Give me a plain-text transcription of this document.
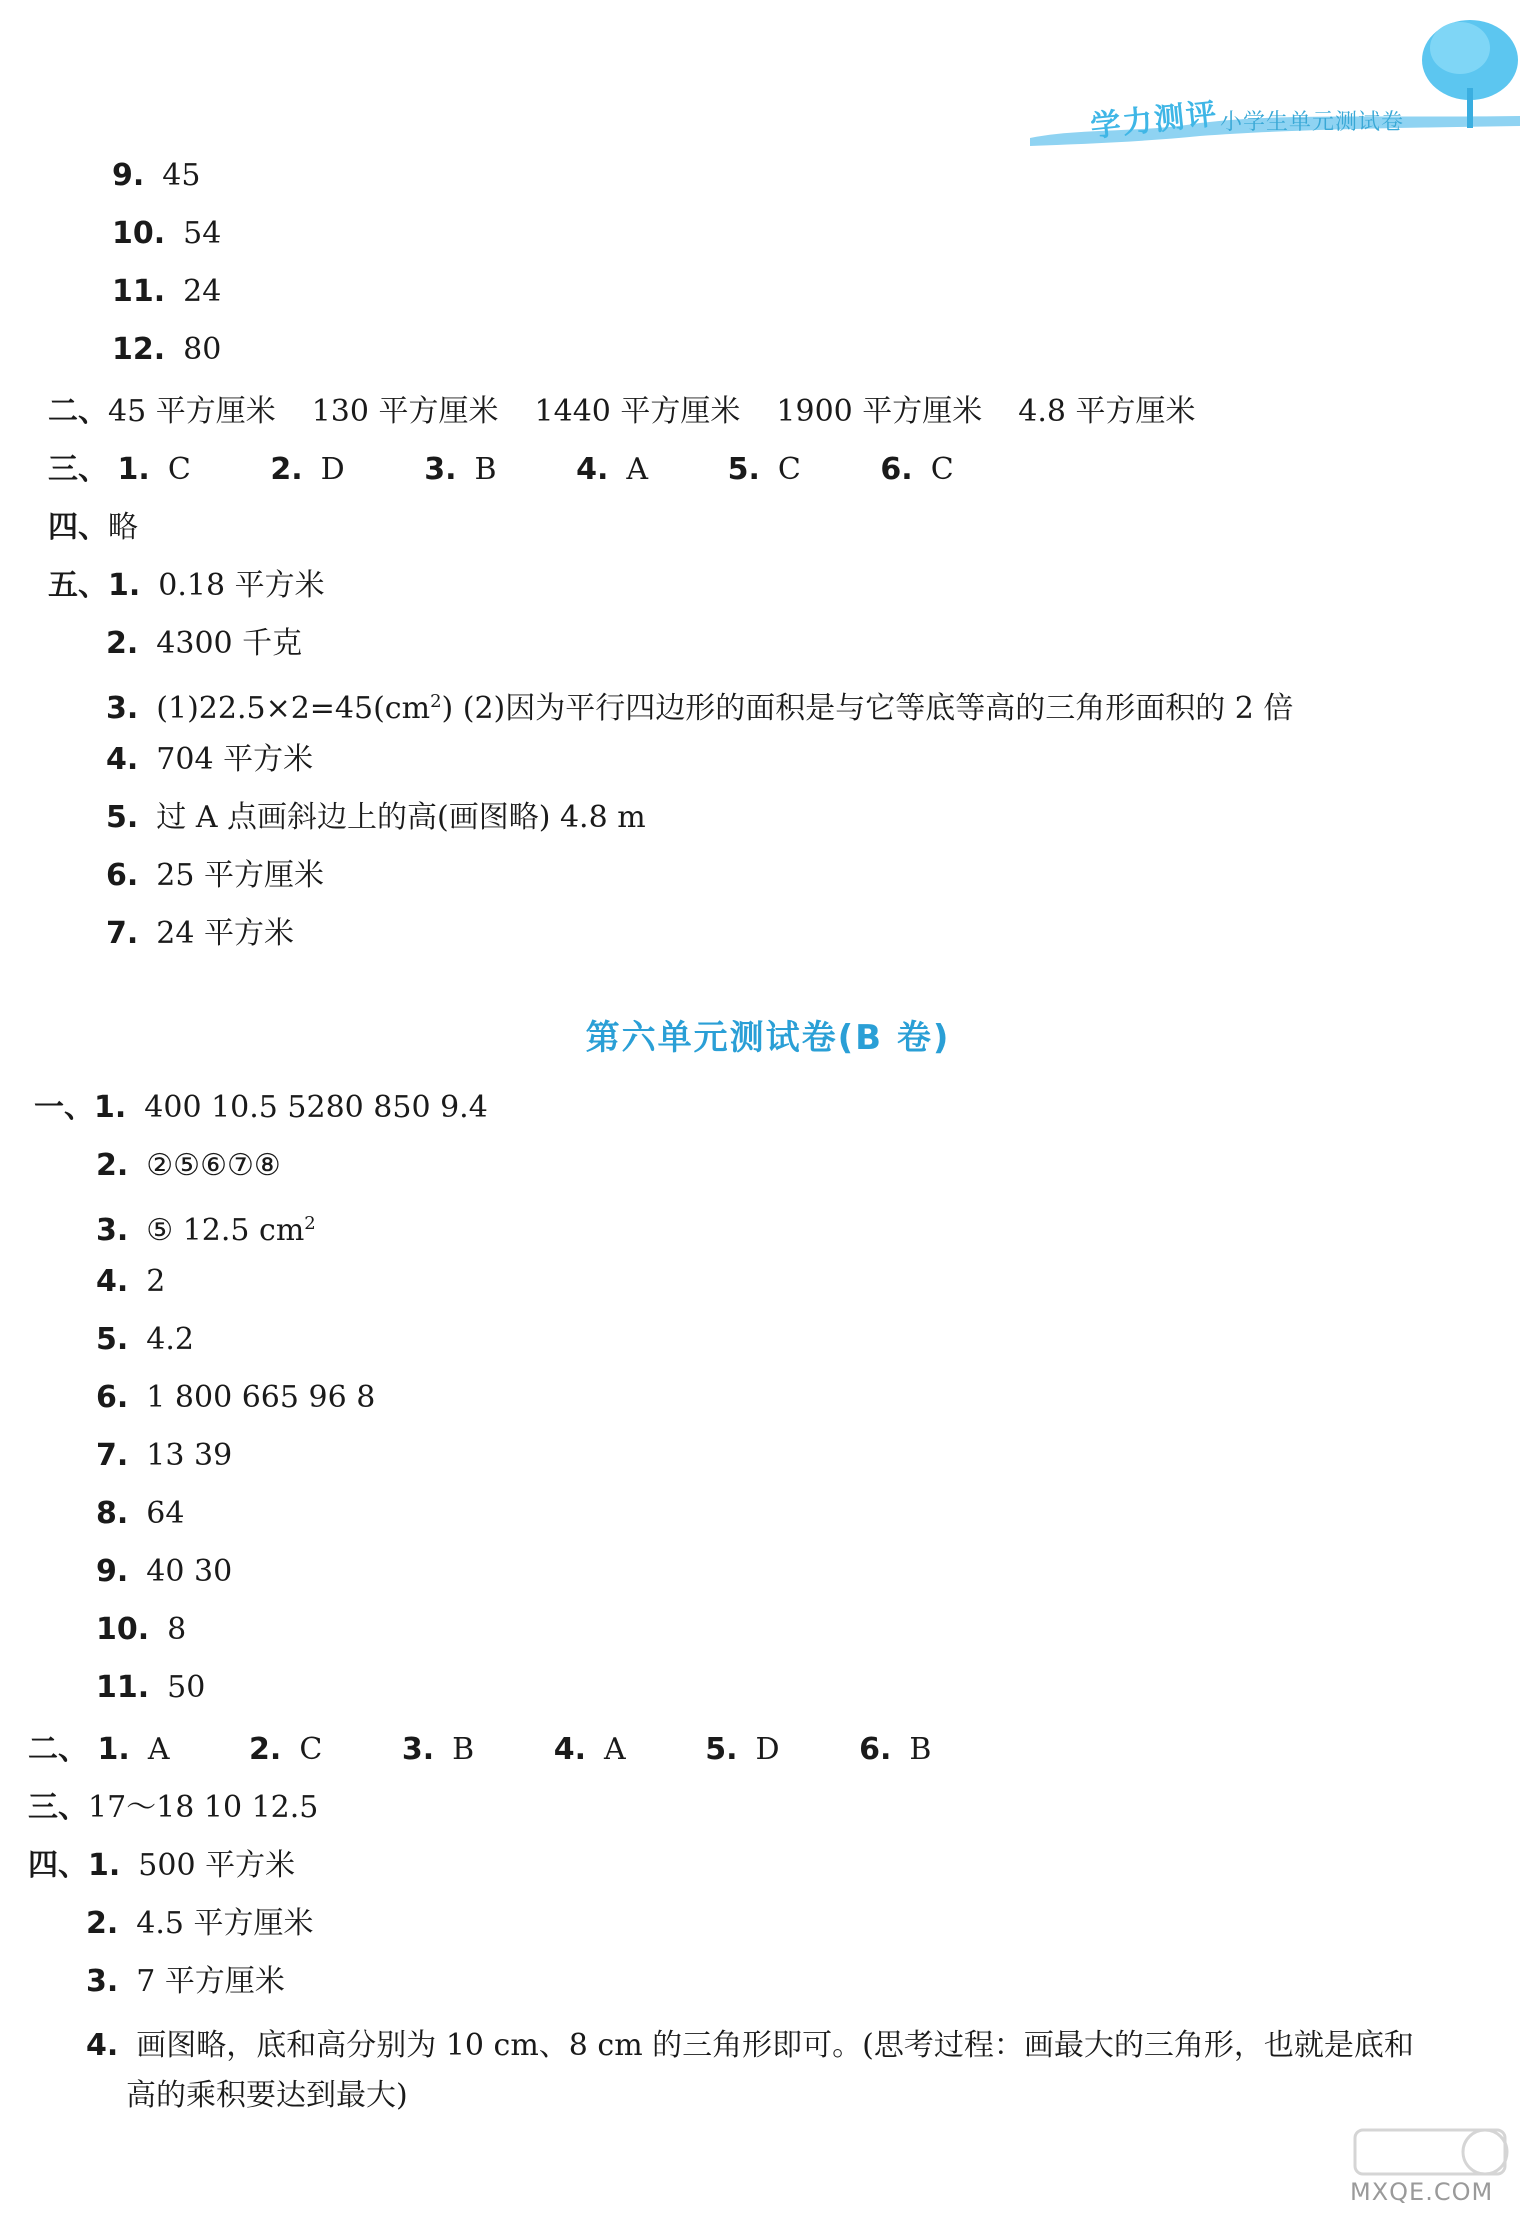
学力测评 小学生单元测试卷
9. 45
10. 54
11. 24
12. 80
二、45 平方厘米 130 平方厘米 1440 平方厘米 1900 平方厘米 4.8 平方厘米
三、 1. C	2. D	3. B	4. A	5. C	6. C
四、略
五、1. 0.18 平方米
2. 4300 千克
3. $(1)22.5\times 2=45(cm^2)$ (2)因为平行四边形的面积是与它等底等高的三角形面积的 2 倍
4. 704 平方米
5. 过 A 点画斜边上的高(画图略) 4.8 m
6. 25 平方厘米
7. 24 平方米
第六单元测试卷(B 卷)
一、1. 400 10.5 5280 850 9.4
2. ②⑤⑥⑦⑧
3. ⑤ 12.5 $cm^2$
4. 2
5. 4.2
6. 1 800 665 96 8
7. 13 39
8. 64
9. 40 30
10. 8
11. 50
二、 1. A	2. C	3. B	4. A	5. D	6. B
三、17～18 10 12.5
四、1. 500 平方米
2. 4.5 平方厘米
3. 7 平方厘米
4. 画图略，底和高分别为 10 cm、8 cm 的三角形即可。(思考过程：画最大的三角形，也就是底和
高的乘积要达到最大)
MXQE.COM
